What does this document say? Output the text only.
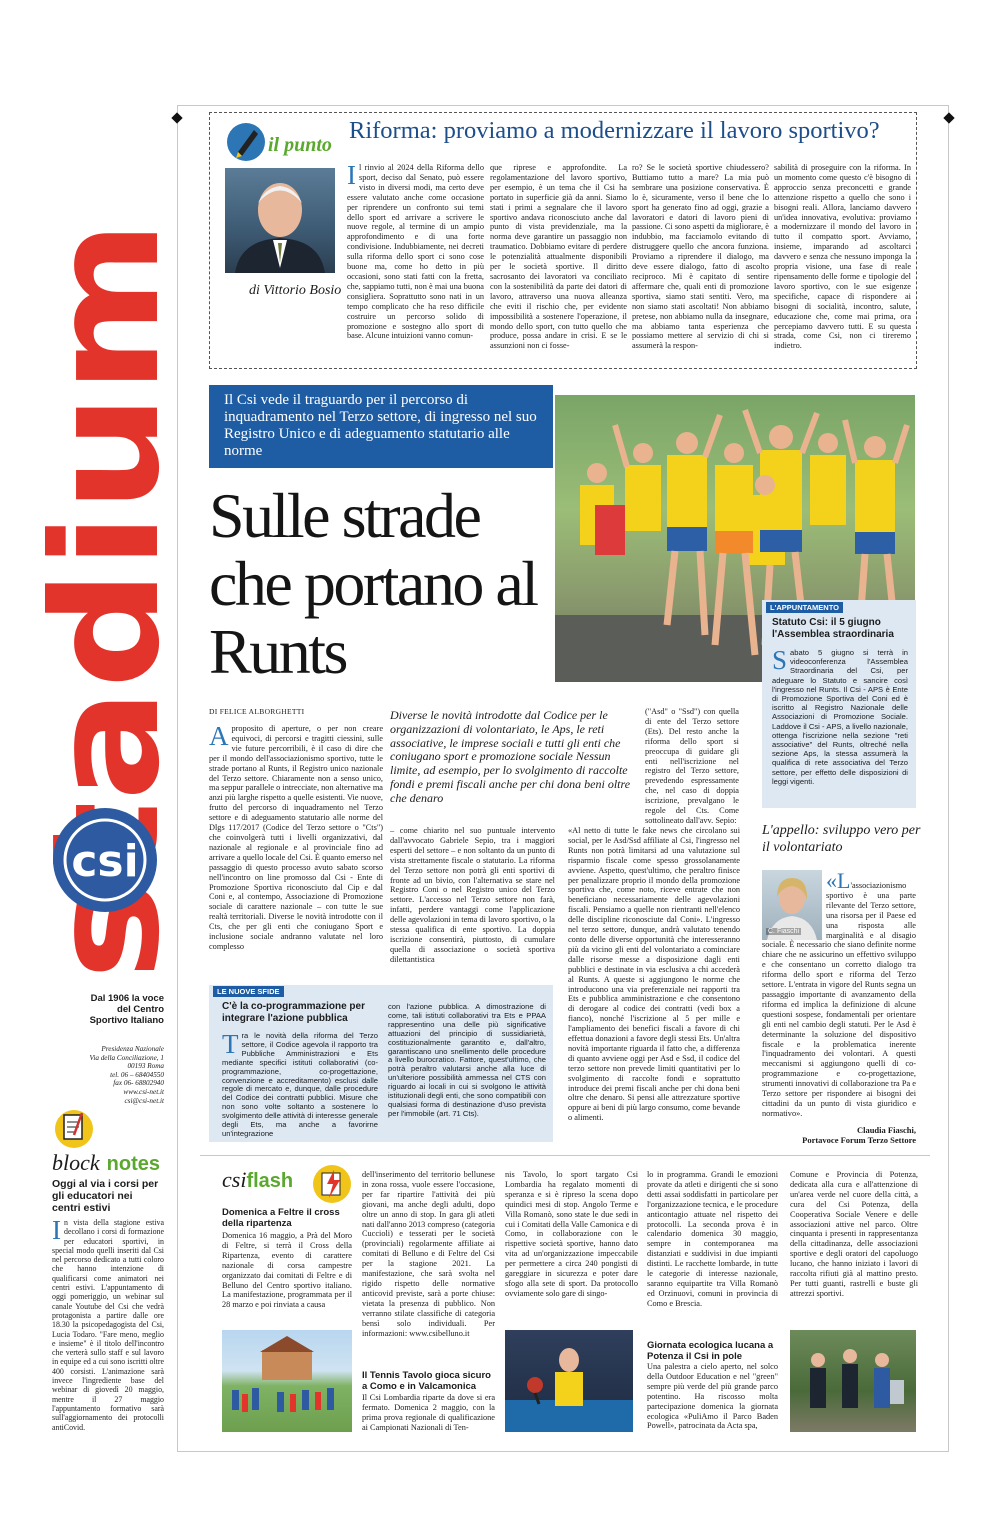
stadium
csi
Dal 1906 la voce del Centro Sportivo Italiano
Presidenza Nazionale
Via della Conciliazione, 1
00193 Roma
tel. 06 – 68404550
fax 06- 68802940
www.csi-net.it
csi@csi-net.it
block notes
Oggi al via i corsi per gli educatori nei centri estivi
In vista della stagione estiva decollano i corsi di formazione per educatori sportivi, in special modo quelli inseriti dal Csi nel percorso dedicato a tutti coloro che hanno intenzione di qualificarsi come animatori nei centri estivi. L'appuntamento di oggi pomeriggio, un webinar sul canale Youtube del Csi che vedrà protagonista a partire dalle ore 18.30 la psicopedagogista del Csi, Lucia Todaro. "Fare meno, meglio e insieme" è il titolo dell'incontro che verterà sullo staff e sul lavoro in equipe ed a cui sono iscritti oltre 400 corsisti. L'animazione sarà invece l'ingrediente base del webinar di giovedì 20 maggio, mentre il 27 maggio l'appuntamento formativo sarà sull'aggiornamento dei protocolli antiCovid.
il punto
Riforma: proviamo a modernizzare il lavoro sportivo?
di Vittorio Bosio
Il rinvio al 2024 della Riforma dello sport, deciso dal Senato, può essere visto in diversi modi, ma certo deve essere valutato anche come occasione per riprendere un confronto sui temi dello sport ed arrivare a scrivere le nuove regole, al termine di un ampio approfondimento e di una forte condivisione. Indubbiamente, nei decreti sulla riforma dello sport ci sono cose buone ma, come ho detto in più occasioni, sono stati fatti con la fretta, che, sappiamo tutti, non è mai una buona consigliera. Soprattutto sono nati in un tempo complicato che ha reso difficile costruire un percorso solido di promozione e sostegno allo sport di base. Alcune intuizioni vanno comun-
que riprese e approfondite. La regolamentazione del lavoro sportivo, per esempio, è un tema che il Csi ha portato in superficie già da anni. Siamo stati i primi a segnalare che il lavoro sportivo andava riconosciuto anche dal punto di vista previdenziale, ma la norma deve garantire un passaggio non traumatico. Dobbiamo evitare di perdere le potenzialità attualmente disponibili per le società sportive. Il diritto sacrosanto dei lavoratori va conciliato con la sostenibilità da parte dei datori di lavoro, attraverso una nuova alleanza che eviti il rischio che, per evidente impossibilità a sostenere l'operazione, il mondo dello sport, con tutto quello che produce, possa andare in crisi. E se le assunzioni non ci fosse-
ro? Se le società sportive chiudessero? Buttiamo tutto a mare? La mia può sembrare una posizione conservativa. È lo è, sicuramente, verso il bene che lo sport ha generato fino ad oggi, grazie a lavoratori e datori di lavoro pieni di passione. Ci sono aspetti da migliorare, è indubbio, ma facciamolo evitando di distruggere quello che ancora funziona. Proviamo a riprendere il dialogo, ma deve essere dialogo, fatto di ascolto reciproco. Mi è capitato di sentire affermare che, quali enti di promozione sportiva, siamo stati sentiti. Vero, ma non siamo stati ascoltati! Non abbiamo pretese, non abbiamo nulla da insegnare, ma abbiamo tanta esperienza che possiamo mettere al servizio di chi si assumerà la respon-
sabilità di proseguire con la riforma. In un momento come questo c'è bisogno di approccio senza preconcetti e grande attenzione rispetto a quello che sono i bisogni reali. Allora, lanciamo davvero un'idea innovativa, evolutiva: proviamo a modernizzare il mondo del lavoro in tutto il compatto sport. Avviamo, insieme, imparando ad ascoltarci davvero e senza che nessuno imponga la propria visione, una fase di reale ripensamento delle forme e tipologie del lavoro sportivo, con le sue esigenze specifiche, capace di rispondere ai bisogni di socialità, incontro, salute, educazione che, come mai prima, ora percepiamo davvero tutti. E su questa strada, come Csi, non ci tireremo indietro.
Il Csi vede il traguardo per il percorso di inquadramento nel Terzo settore, di ingresso nel suo Registro Unico e di adeguamento statutario alle norme
Sulle strade che portano al Runts
L'APPUNTAMENTO
Statuto Csi: il 5 giugno l'Assemblea straordinaria
Sabato 5 giugno si terrà in videoconferenza l'Assemblea Straordinaria del Csi, per adeguare lo Statuto e sancire così l'ingresso nel Runts. Il Csi - APS è Ente di Promozione Sportiva del Coni ed è iscritto al Registro Nazionale delle Associazioni di Promozione Sociale. Laddove il Csi - APS, a livello nazionale, ottenga l'iscrizione nella sezione "reti associative" del Runts, oltreché nella sezione Aps, la stessa assumerà la qualifica di rete associativa del Terzo settore, per effetto delle disposizioni di leggi vigenti.
DI FELICE ALBORGHETTI	Diverse le novità introdotte dal Codice per le organizzazioni di volontariato, le Aps, le reti associative, le imprese sociali e tutti gli enti che coniugano sport e promozione sociale Nessun limite, ad esempio, per lo svolgimento di raccolte fondi e premi fiscali anche per chi dona beni oltre che denaro
A proposito di aperture, o per non creare equivoci, di percorsi e tragitti ciessini, sulle vie future percorribili, è il caso di dire che per il mondo dell'associazionismo sportivo, tutte le strade portano al Runts, il Registro unico nazionale del Terzo settore. Chiaramente non a senso unico, ma seppur parallele o intrecciate, non alternative ma anzi più larghe rispetto a quelle esistenti. Vie nuove, frutto del percorso di inquadramento nel Terzo settore e di adeguamento statutario alle norme del Dlgs 117/2017 (Codice del Terzo settore o "Cts") che coinvolgerà tutti i livelli organizzativi, dal nazionale al regionale e al provinciale fino ad arrivare a quello locale del Csi. È quanto emerso nel passaggio di questo processo avuto sabato scorso nell'incontro on line promosso dal Csi - Ente di Promozione Sportiva riconosciuto dal Cip e dal Coni e, al contempo, Associazione di Promozione sociale di carattere nazionale – con tutte le sue realtà territoriali. Diverse le novità introdotte con il Cts, che per gli enti che coniugano Sport e inclusione sociale andranno valutate nel loro complesso
– come chiarito nel suo puntuale intervento dall'avvocato Gabriele Sepio, tra i maggiori esperti del settore – e non soltanto da un punto di vista strettamente fiscale o statutario. La riforma del Terzo settore non potrà gli enti sportivi di fronte ad un bivio, con l'alternativa se stare nel Registro Coni o nel Registro unico del Terzo settore. L'accesso nel Terzo settore non farà, infatti, perdere vantaggi come l'applicazione delle agevolazioni in tema di lavoro sportivo, o la stessa qualifica di ente sportivo. La doppia iscrizione consentirà, piuttosto, di cumulare quella di associazione o società sportiva dilettantistica
("Asd" o "Ssd") con quella di ente del Terzo settore (Ets). Del resto anche la riforma dello sport si preoccupa di guidare gli enti nell'iscrizione nel registro del Terzo settore, prevedendo espressamente che, nel caso di doppia iscrizione, prevalgano le regole del Cts. Come sottolineato dall'avv. Sepio:
«Al netto di tutte le fake news che circolano sui social, per le Asd/Ssd affiliate al Csi, l'ingresso nel Runts non potrà limitarsi ad una valutazione sul risparmio fiscale come spesso grossolanamente avviene. Aspetto, quest'ultimo, che peraltro finisce per penalizzare proprio il mondo della promozione sportiva che, come noto, riceve entrate che non beneficiano necessariamente delle agevolazioni fiscali. Pensiamo a quelle non rientranti nell'elenco delle discipline riconosciute dal Coni». L'ingresso nel terzo settore, dunque, andrà valutato tenendo conto delle diverse opportunità che interesseranno più da vicino gli enti del volontariato a cominciare dalle risorse messe a disposizione dagli enti pubblici e destinate in via esclusiva a chi accederà al Runts. A queste si aggiungono le norme che introducono una via preferenziale nei rapporti tra Ets e pubblica amministrazione e che consentono di derogare al codice dei contratti (vedi box a fianco), nonché l'iscrizione al 5 per mille e l'ampliamento dei benefici fiscali a favore di chi effettua donazioni a favore degli stessi Ets. Un'altra novità importante riguarda il fatto che, a differenza di quanto avviene oggi per Asd e Ssd, il codice del terzo settore non prevede limiti quantitativi per lo svolgimento di raccolte fondi e soprattutto introduce dei premi fiscali anche per chi dona beni oltre che denaro. Si pensi alle attrezzature sportive oppure ai beni di più largo consumo, come bevande o alimenti.
L'appello: sviluppo vero per il volontariato
C. Fiaschi
«L'associazionismo sportivo è una parte rilevante del Terzo settore, una risorsa per il Paese ed una risposta alle marginalità e al disagio sociale. È necessario che siano definite norme chiare che ne assicurino un effettivo sviluppo e che consentano un corretto dialogo tra riforma dello sport e riforma del Terzo settore. L'entrata in vigore del Runts segna un passaggio importante di avanzamento della riforma ed implica la definizione di alcune questioni sospese, fondamentali per orientare gli enti nel cambio degli statuti. Per le Asd è determinante la soluzione del dispositivo fiscale e la problematica inerente l'inquadramento dei volontari. A questi meccanismi si aggiungono quelli di co-programmazione e co-progettazione, strumenti innovativi di collaborazione tra Pa e Terzo settore per rispondere ai bisogni dei cittadini da un punto di vista giuridico e normativo».
Claudia Fiaschi,
Portavoce Forum Terzo Settore
LE NUOVE SFIDE
C'è la co-programmazione per integrare l'azione pubblica
Tra le novità della riforma del Terzo settore, il Codice agevola il rapporto tra Pubbliche Amministrazioni e Ets mediante specifici istituti collaborativi (co-programmazione, co-progettazione, convenzione e accreditamento) esclusi dalle regole di mercato e, dunque, dalle procedure del Codice dei contratti pubblici. Misure che non sono volte soltanto a sostenere lo svolgimento delle attività di interesse generale degli Ets, ma anche a favorirne un'integrazione
con l'azione pubblica. A dimostrazione di come, tali istituti collaborativi tra Ets e PPAA rappresentino una delle più significative attuazioni del principio di sussidiarietà, costituzionalmente garantito e, dall'altro, garantiscano uno snellimento delle procedure a livello burocratico. Fattore, quest'ultimo, che potrà peraltro valutarsi anche alla luce di un'ulteriore possibilità ammessa nel CTS con riguardo ai locali in cui si svolgono le attività istituzionali degli enti, che sono compatibili con qualsiasi forma di destinazione d'uso prevista per l'immobile (art. 71 Cts).
csiflash
Domenica a Feltre il cross della ripartenza
Domenica 16 maggio, a Prà del Moro di Feltre, si terrà il Cross della Ripartenza, evento di carattere nazionale di corsa campestre organizzato dai comitati di Feltre e di Belluno del Centro sportivo italiano. La manifestazione, programmata per il 28 marzo e poi rinviata a causa
dell'inserimento del territorio bellunese in zona rossa, vuole essere l'occasione, per far ripartire l'attività dei più giovani, ma anche degli adulti, dopo oltre un anno di stop. In gara gli atleti nati dall'anno 2013 compreso (categoria Cuccioli) e tesserati per le società (provinciali) regolarmente affiliate ai comitati di Belluno e di Feltre del Csi per la stagione 2021. La manifestazione, che sarà svolta nel rigido rispetto delle normative anticovid previste, sarà a porte chiuse: vietata la presenza di pubblico. Non verranno stilate classifiche di categoria bensì solo individuali. Per informazioni: www.csibelluno.it
Il Tennis Tavolo gioca sicuro a Como e in Valcamonica
Il Csi Lombardia riparte da dove si era fermato. Domenica 2 maggio, con la prima prova regionale di qualificazione ai Campionati Nazionali di Ten-
nis Tavolo, lo sport targato Csi Lombardia ha regalato momenti di speranza e si è ripreso la scena dopo quindici mesi di stop. Angolo Terme e Villa Romanò, sono state le due sedi in cui i Comitati della Valle Camonica e di Como, in collaborazione con le rispettive società sportive, hanno dato vita ad un'organizzazione impeccabile per permettere a circa 240 pongisti di gareggiare in sicurezza e poter dare sfogo alla sete di sport. Da protocollo ovviamente solo gare di singo-
lo in programma. Grandi le emozioni provate da atleti e dirigenti che si sono detti assai soddisfatti in particolare per l'organizzazione tecnica, e le procedure anticontagio attuate nel rispetto dei protocolli. La seconda prova è in calendario domenica 30 maggio, sempre in contemporanea ma distanziati e suddivisi in due impianti distinti. Le racchette lombarde, in tutte le categorie di interesse nazionale, saranno equipartite tra Villa Romanò ed Orzinuovi, comuni in provincia di Como e Brescia.
Giornata ecologica lucana a Potenza il Csi in pole
Una palestra a cielo aperto, nel solco della Outdoor Education e nel "green" sempre più verde del più grande parco potentino. Ha riscosso molta partecipazione domenica la giornata ecologica «PuliAmo il Parco Baden Powell», patrocinata da Acta spa,
Comune e Provincia di Potenza, dedicata alla cura e all'attenzione di un'area verde nel cuore della città, a cura del Csi Potenza, della Cooperativa Sociale Venere e delle associazioni attive nel parco. Oltre cinquanta i presenti in rappresentanza della cittadinanza, delle associazioni sportive e degli oratori del capoluogo lucano, che hanno iniziato i lavori di raccolta rifiuti già al mattino presto. Per tutti guanti, rastrelli e buste gli attrezzi sportivi.
